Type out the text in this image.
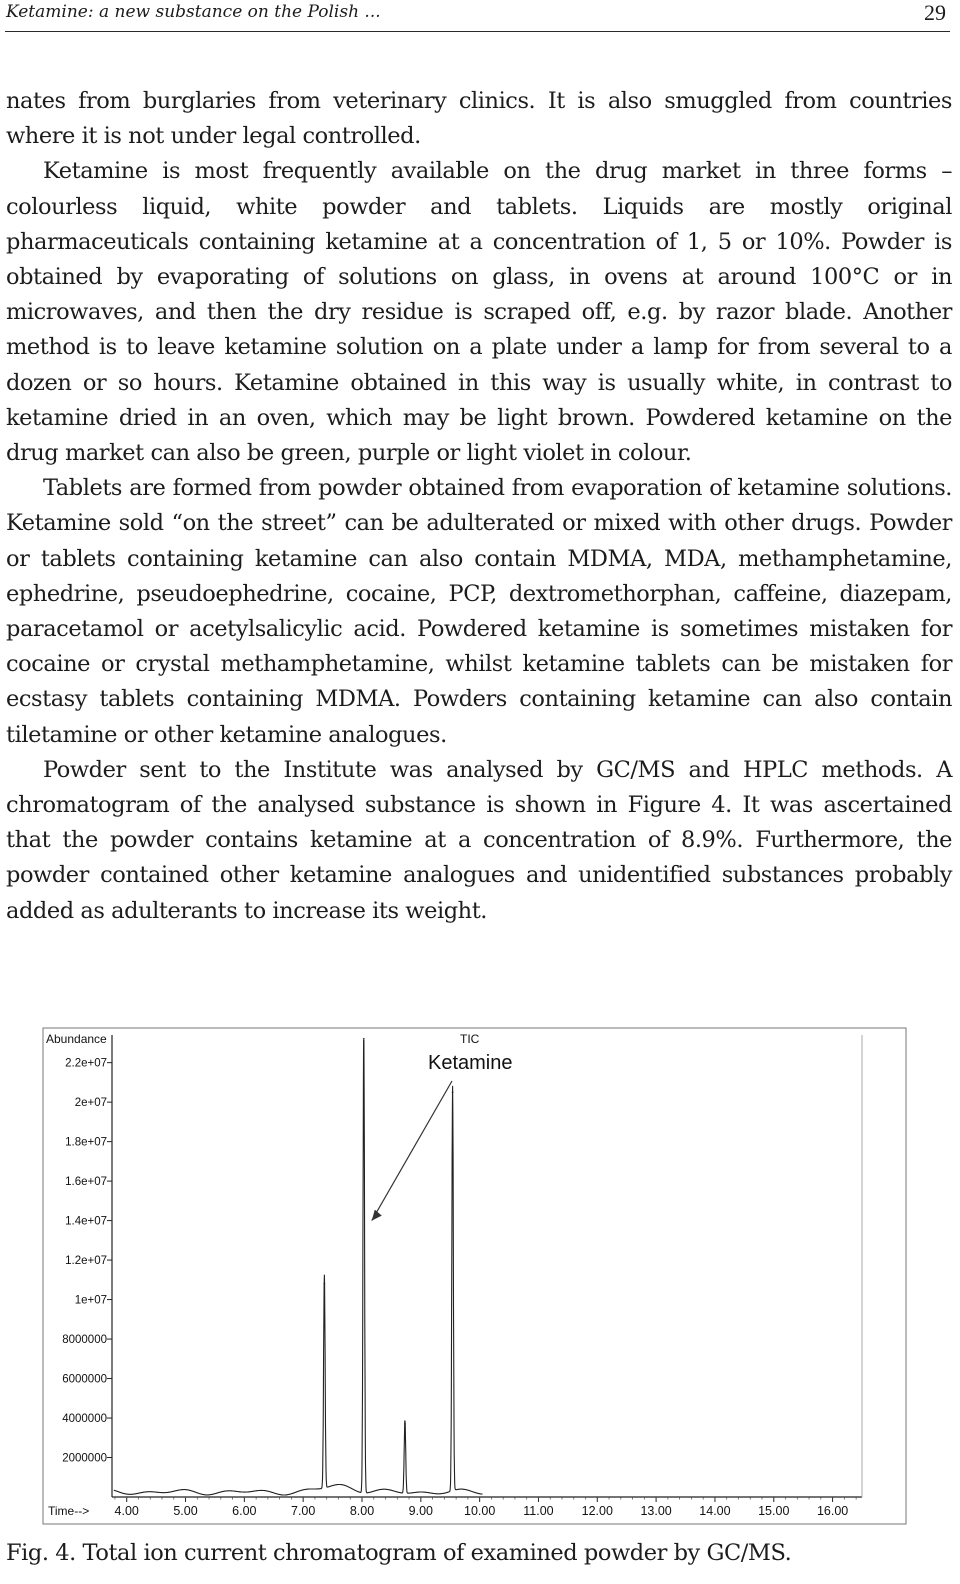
Ketamine: a new substance on the Polish ...	29

nates from burglaries from veterinary clinics. It is also smuggled from countries where it is not under legal controlled.

Ketamine is most frequently available on the drug market in three forms – colourless liquid, white powder and tablets. Liquids are mostly original pharmaceuticals containing ketamine at a concentration of 1, 5 or 10%. Powder is obtained by evaporating of solutions on glass, in ovens at around 100°C or in microwaves, and then the dry residue is scraped off, e.g. by razor blade. Another method is to leave ketamine solution on a plate under a lamp for from several to a dozen or so hours. Ketamine obtained in this way is usually white, in contrast to ketamine dried in an oven, which may be light brown. Powdered ketamine on the drug market can also be green, purple or light violet in colour.

Tablets are formed from powder obtained from evaporation of ketamine solutions. Ketamine sold “on the street” can be adulterated or mixed with other drugs. Powder or tablets containing ketamine can also contain MDMA, MDA, methamphetamine, ephedrine, pseudoephedrine, cocaine, PCP, dextromethorphan, caffeine, diazepam, paracetamol or acetylsalicylic acid. Powdered ketamine is sometimes mistaken for cocaine or crystal methamphetamine, whilst ketamine tablets can be mistaken for ecstasy tablets containing MDMA. Powders containing ketamine can also contain tiletamine or other ketamine analogues.

Powder sent to the Institute was analysed by GC/MS and HPLC methods. A chromatogram of the analysed substance is shown in Figure 4. It was ascertained that the powder contains ketamine at a concentration of 8.9%. Furthermore, the powder contained other ketamine analogues and unidentified substances probably added as adulterants to increase its weight.

Abundance
Time-->
TIC
Ketamine
2000000
4000000
6000000
8000000
1e+07
1.2e+07
1.4e+07
1.6e+07
1.8e+07
2e+07
2.2e+07
4.00	5.00	6.00	7.00	8.00	9.00 10.00 11.00 12.00 13.00 14.00 15.00 16.00
Fig. 4. Total ion current chromatogram of examined powder by GC/MS.
